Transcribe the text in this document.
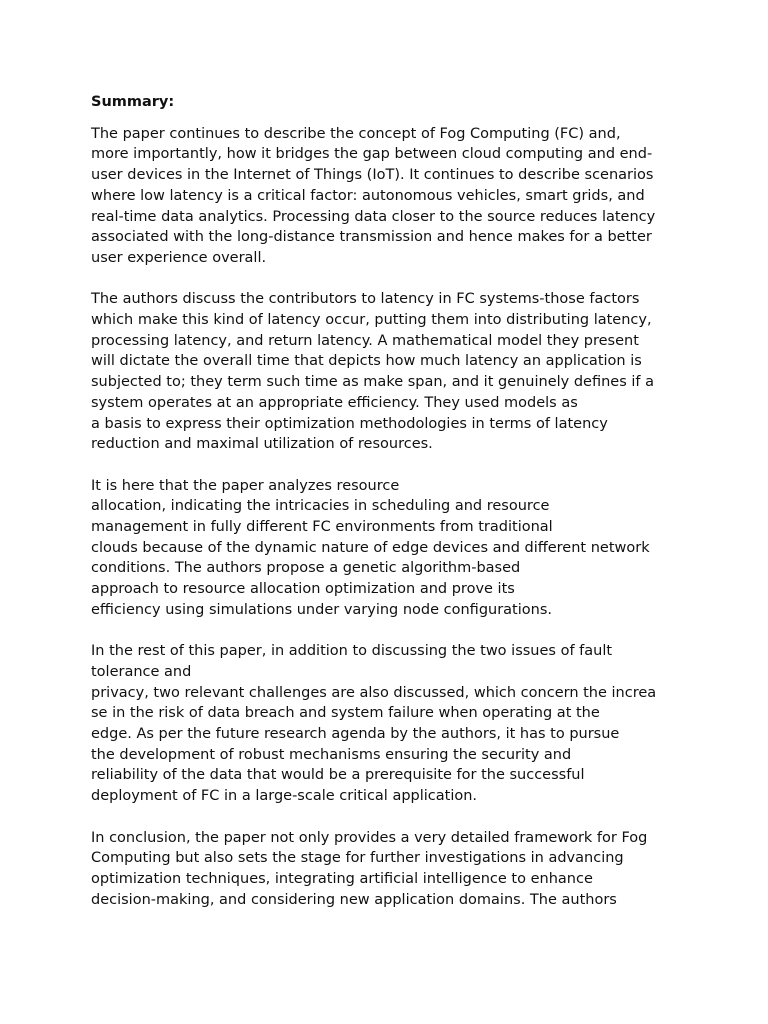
Summary:
The paper continues to describe the concept of Fog Computing (FC) and,
more importantly, how it bridges the gap between cloud computing and end-
user devices in the Internet of Things (IoT). It continues to describe scenarios
where low latency is a critical factor: autonomous vehicles, smart grids, and
real-time data analytics. Processing data closer to the source reduces latency
associated with the long-distance transmission and hence makes for a better
user experience overall.
The authors discuss the contributors to latency in FC systems-those factors
which make this kind of latency occur, putting them into distributing latency,
processing latency, and return latency. A mathematical model they present
will dictate the overall time that depicts how much latency an application is
subjected to; they term such time as make span, and it genuinely defines if a
system operates at an appropriate efficiency. They used models as
a basis to express their optimization methodologies in terms of latency
reduction and maximal utilization of resources.
It is here that the paper analyzes resource
allocation, indicating the intricacies in scheduling and resource
management in fully different FC environments from traditional
clouds because of the dynamic nature of edge devices and different network
conditions. The authors propose a genetic algorithm-based
approach to resource allocation optimization and prove its
efficiency using simulations under varying node configurations.
In the rest of this paper, in addition to discussing the two issues of fault
tolerance and
privacy, two relevant challenges are also discussed, which concern the increa
se in the risk of data breach and system failure when operating at the
edge. As per the future research agenda by the authors, it has to pursue
the development of robust mechanisms ensuring the security and
reliability of the data that would be a prerequisite for the successful
deployment of FC in a large-scale critical application.
In conclusion, the paper not only provides a very detailed framework for Fog
Computing but also sets the stage for further investigations in advancing
optimization techniques, integrating artificial intelligence to enhance
decision-making, and considering new application domains. The authors
